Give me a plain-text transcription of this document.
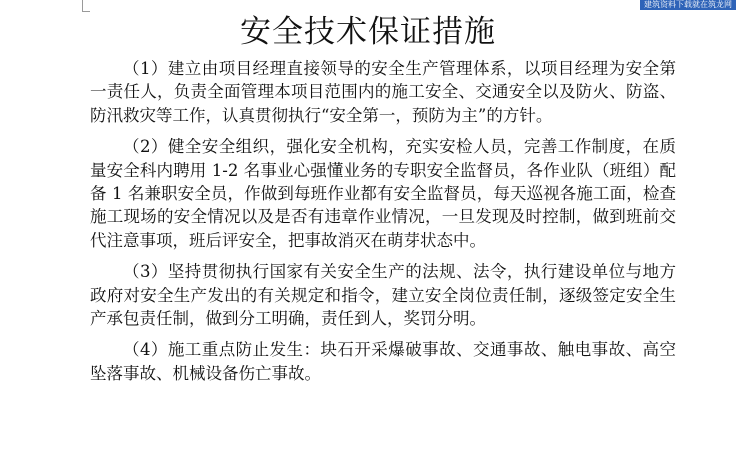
建筑资料下载就在筑龙网
安全技术保证措施

（1）建立由项目经理直接领导的安全生产管理体系，以项目经理为安全第一责任人，负责全面管理本项目范围内的施工安全、交通安全以及防火、防盗、防汛救灾等工作，认真贯彻执行“安全第一，预防为主”的方针。

（2）健全安全组织，强化安全机构，充实安检人员，完善工作制度，在质量安全科内聘用 1-2 名事业心强懂业务的专职安全监督员，各作业队（班组）配备 1 名兼职安全员，作做到每班作业都有安全监督员，每天巡视各施工面，检查施工现场的安全情况以及是否有违章作业情况，一旦发现及时控制，做到班前交代注意事项，班后评安全，把事故消灭在萌芽状态中。

（3）坚持贯彻执行国家有关安全生产的法规、法令，执行建设单位与地方政府对安全生产发出的有关规定和指令，建立安全岗位责任制，逐级签定安全生产承包责任制，做到分工明确，责任到人，奖罚分明。

（4）施工重点防止发生：块石开采爆破事故、交通事故、触电事故、高空坠落事故、机械设备伤亡事故。
